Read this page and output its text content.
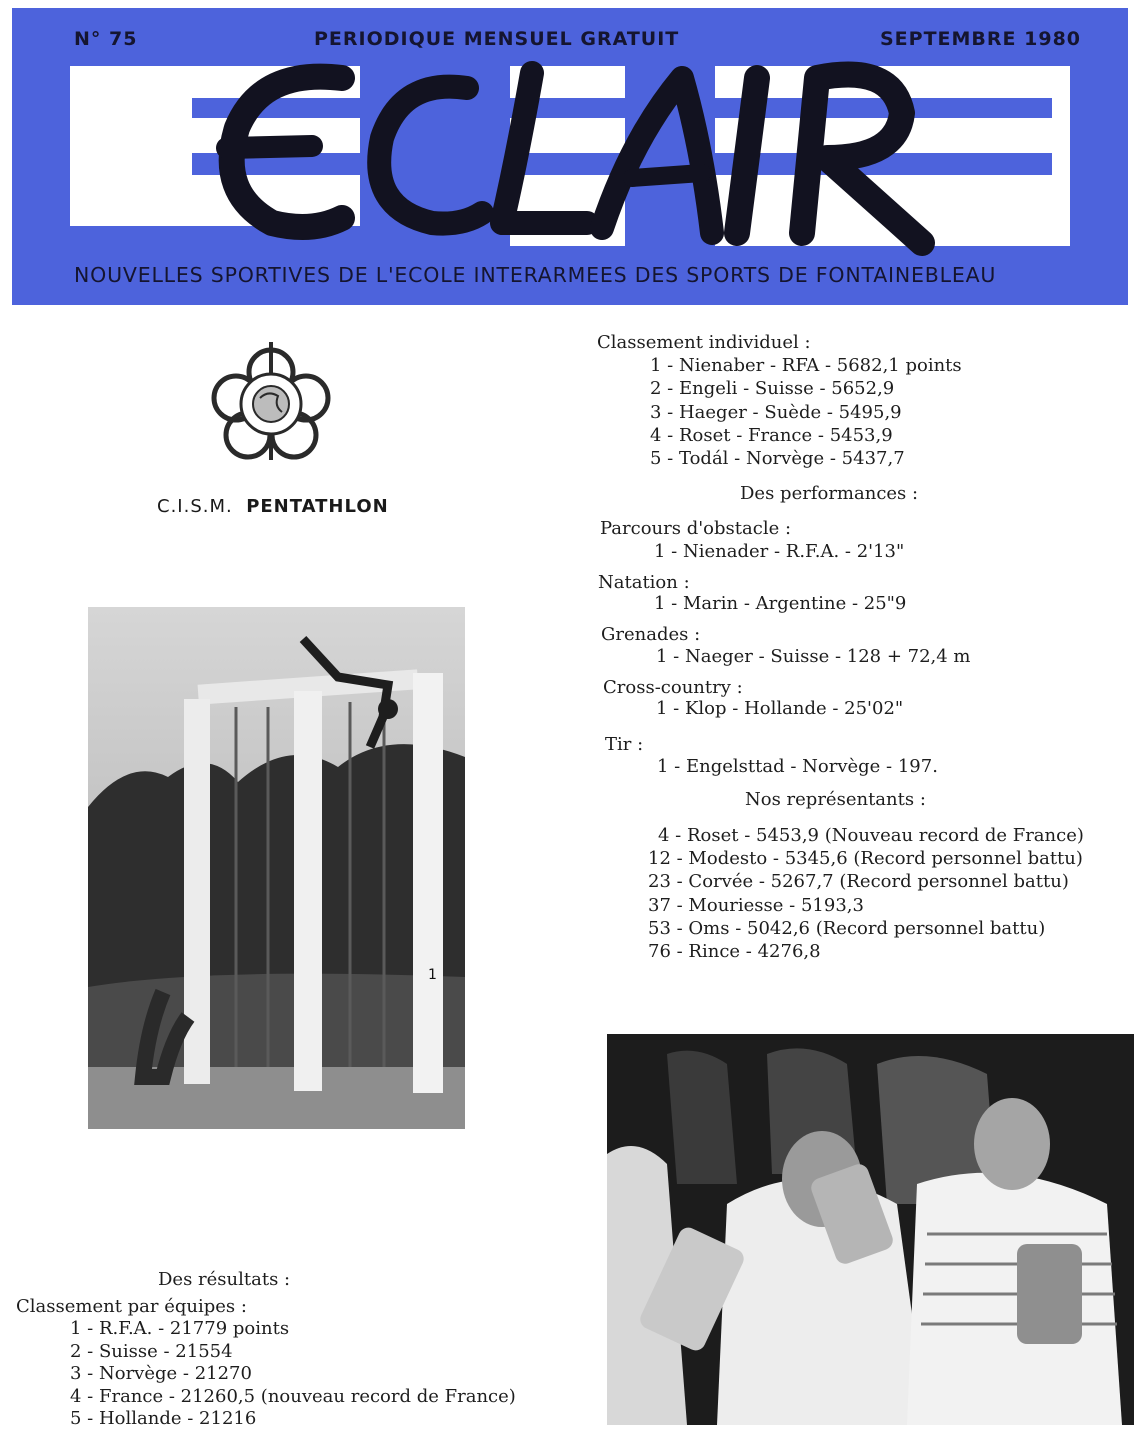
N° 75	PERIODIQUE MENSUEL GRATUIT	SEPTEMBRE 1980
NOUVELLES SPORTIVES DE L'ECOLE INTERARMEES DES SPORTS DE FONTAINEBLEAU
C.I.S.M. PENTATHLON
1
Des résultats :
Classement par équipes :
1 - R.F.A. - 21779 points
2 - Suisse - 21554
3 - Norvège - 21270
4 - France - 21260,5 (nouveau record de France)
5 - Hollande - 21216
Classement individuel :
1 - Nienaber - RFA - 5682,1 points
2 - Engeli - Suisse - 5652,9
3 - Haeger - Suède - 5495,9
4 - Roset - France - 5453,9
5 - Todál - Norvège - 5437,7
Des performances :
Parcours d'obstacle :
1 - Nienader - R.F.A. - 2'13"
Natation :
1 - Marin - Argentine - 25"9
Grenades :
1 - Naeger - Suisse - 128 + 72,4 m
Cross-country :
1 - Klop - Hollande - 25'02"
Tir :
1 - Engelsttad - Norvège - 197.
Nos représentants :
4 - Roset - 5453,9 (Nouveau record de France)
12 - Modesto - 5345,6 (Record personnel battu)
23 - Corvée - 5267,7 (Record personnel battu)
37 - Mouriesse - 5193,3
53 - Oms - 5042,6 (Record personnel battu)
76 - Rince - 4276,8
